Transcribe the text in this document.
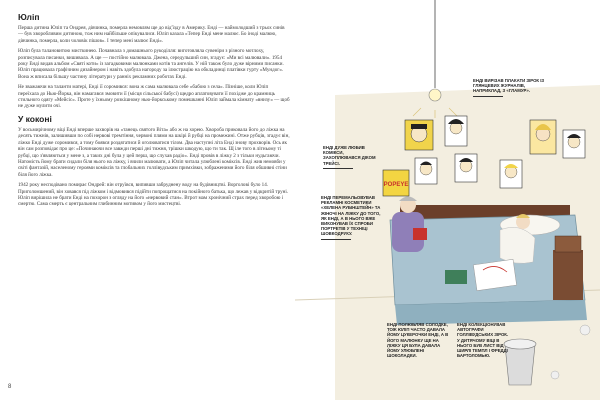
Юліп

Перша дитина Юліп та Ондрея, дівчинка, померла немовлям ще до від'їзду в Америку. Енді — наймолодший з трьох синів — був хворобливим дитиною, тож ним найбільше опікувалися. Юліп казала «Тепер Енді мене малює. Бо іноді малюю, дівчинка, померла, коли чоловік пішов». І тепер мені малює Енді».

Юліп була талановитою мисткинею. Почавнала з домашнього рукоділля: виготовляла сувеніри з різного мотлоху, розписувала писанки, вишивала. А ще — постійно малювала. Джена, середульший син, згадує: «Ми всі малювали». 1954 року Енді видав альбом «Святі коти» із загадковими малюнками котів та ангелів. У ній також було дуже вірними писанки. Юліп працювала графічним дизайнером і навіть здобула нагороду за ілюстрацію на обкладинці платівки гурту «Мундог». Вона ж вписала більшу частину літератури у ранніх рекламних роботах Енді.

Не зважаючи на таланти матері, Енді її соромився: вона ж сама малювала себе «бабою з села». Пізніше, коли Юліп переїхала до Нью-Йорка, він намагався змовити її (місця сільської бабусі) щедро аплатовувати її похідже до крамниць стильного одягу «Мейсіс». Проте у їхньому розкішному нью-йоркському помешканні Юліп займала кімнату «внизу» — щоб не дуже мулити очі.

У коконі

У восьмирічному віці Енді вперше захворів на «танець святого Віта» або ж на хорею. Хвороба приковала його до ліжка на десять тижнів, залишивши по собі нервові тремтіння, червоні плями на шкірі й рубці на промежині. Отже рубців, згадує він, ліжко Енді дуже соромився, а тому боявся роздягатися й оголюватися тілом. Два наступні літа Енді знову прохворів. Ось як він сам розповідає про це: «Починаючи все завжди перші дні тижня, трішки шкодую, що ти так. Щ іле того в літньому ті рубці, що з'являються у мене з, а таких дні була у цей перш, що слухав радіо». Енді провів в ліжку 2 з тільки нудьгаючи. Натомість йому брати сидали біля нього на ліжку, і вчили малювати, а Юліп читала улюблені коміксів. Енді жив немовби у світі фантазій, населеному героями коміксів та глобальних голлівудським примхівки, зображеними його біля обшивні стіни біля його ліжка.

1942 року несподівано помирає Ондрей: він отруївся, випивши забруднену воду на будівництві. Ворголові було 14. Приголомшений, він ховався під ліжком і відмовився підійти попрощатися на покійного батька, що лежав у відкритій труні. Юліп вирішила не брати Енді на похорон з огляду на його «нервовий стан». Втрот мам хронічний страх перед хворобою і смертю. Сама смерть є центральним глибинним мотивом у його мистецтві.

8
POPEYE
ЕНДІ ДУЖЕ ЛЮБИВ КОМІКСИ, ЗАХОПЛЮВАВСЯ ДІКОМ ТРЕЙСІ.
ЕНДІ ВИРІЗАВ ПЛАКАТИ ЗІРОК ІЗ ГЛЯНЦЕВИХ ЖУРНАЛІВ, НАПРИКЛАД, З «ГЛАМУР».
ЕНДІ ПЕРЕМАЛЬОВУВАВ РЕКЛАМНІ КОСМЕТИКИ «ХЕЛЕНА РУБІНШТЕЙН» ТА ЖІНОЧІ НА ЛІЖКУ ДО ТОГО, ЯК ЕНДІ, А В НЬОГО ВЖЕ ВИКОНУВАВ ЇХ СПРОБИ ПОРТРЕТІВ У ТЕХНІЦІ ШОВКОДРУКУ.
ЕНДІ ПОЛЮБЛЯВ СОЛОДКЕ, ТОЖ ЮЛІП ЧАСТО ДАВАЛА ЙОМУ ЦУКЕРОЧКИ ЕНДІ, А В ЙОГО МАЛЮНКУ ЩЕ НА ЛІЖКУ ЦЯ БУЛА ДАВАЛА ЙОМУ УЛЮБЛЕНІ ШОКОЛАДКИ.
ЕНДІ КОЛЕКЦІОНУВАВ АВТОГРАФИ ГОЛЛІВУДСЬКИХ ЗІРОК. У ДИТЯЧОМУ ВІЦІ В НЬОГО БУВ ЛИСТ ВІД ШИРЛІ ТЕМПЛ І ФРЕДДІ БАРТОЛОМЬЮ.
